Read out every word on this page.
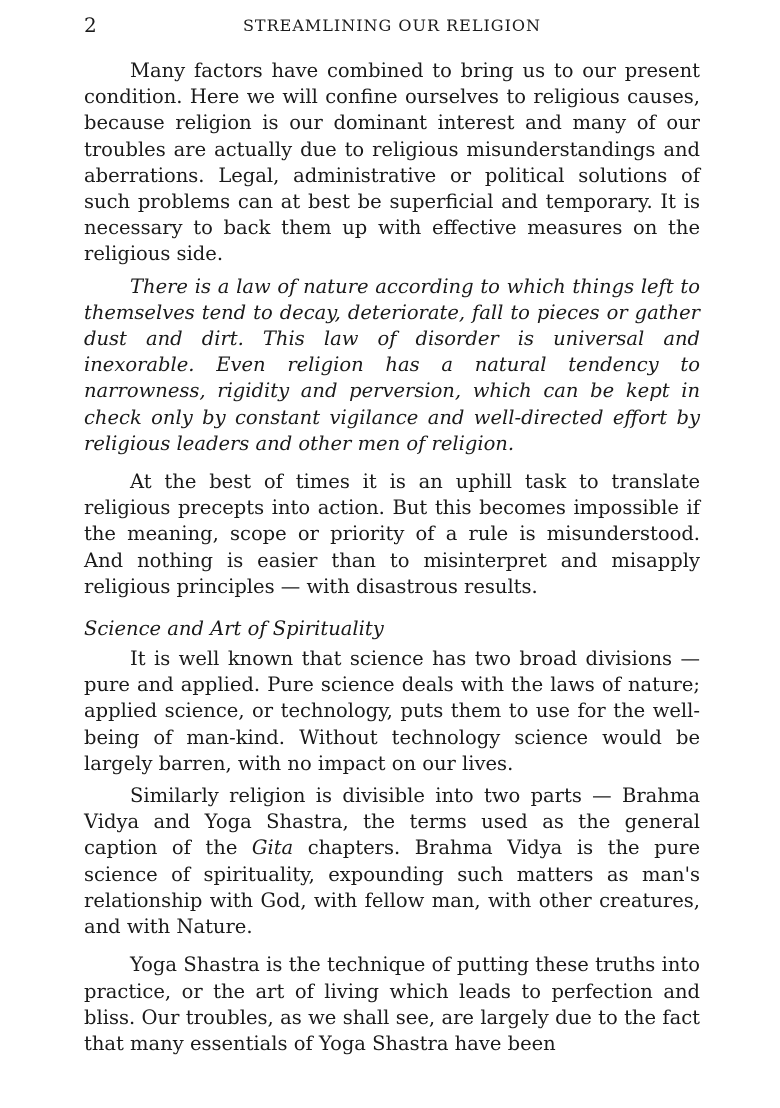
2	STREAMLINING OUR RELIGION

Many factors have combined to bring us to our present condition. Here we will confine ourselves to religious causes, because religion is our dominant interest and many of our troubles are actually due to religious misunderstandings and aberrations. Legal, administrative or political solutions of such problems can at best be superficial and temporary. It is necessary to back them up with effective measures on the religious side.

There is a law of nature according to which things left to themselves tend to decay, deteriorate, fall to pieces or gather dust and dirt. This law of disorder is universal and inexorable. Even religion has a natural tendency to narrowness, rigidity and perversion, which can be kept in check only by constant vigilance and well-directed effort by religious leaders and other men of religion.

At the best of times it is an uphill task to translate religious precepts into action. But this becomes impossible if the meaning, scope or priority of a rule is misunderstood. And nothing is easier than to misinterpret and misapply religious principles — with disastrous results.

Science and Art of Spirituality

It is well known that science has two broad divisions — pure and applied. Pure science deals with the laws of nature; applied science, or technology, puts them to use for the well-being of man-kind. Without technology science would be largely barren, with no impact on our lives.

Similarly religion is divisible into two parts — Brahma Vidya and Yoga Shastra, the terms used as the general caption of the Gita chapters. Brahma Vidya is the pure science of spirituality, expounding such matters as man's relationship with God, with fellow man, with other creatures, and with Nature.

Yoga Shastra is the technique of putting these truths into practice, or the art of living which leads to perfection and bliss. Our troubles, as we shall see, are largely due to the fact that many essentials of Yoga Shastra have been
